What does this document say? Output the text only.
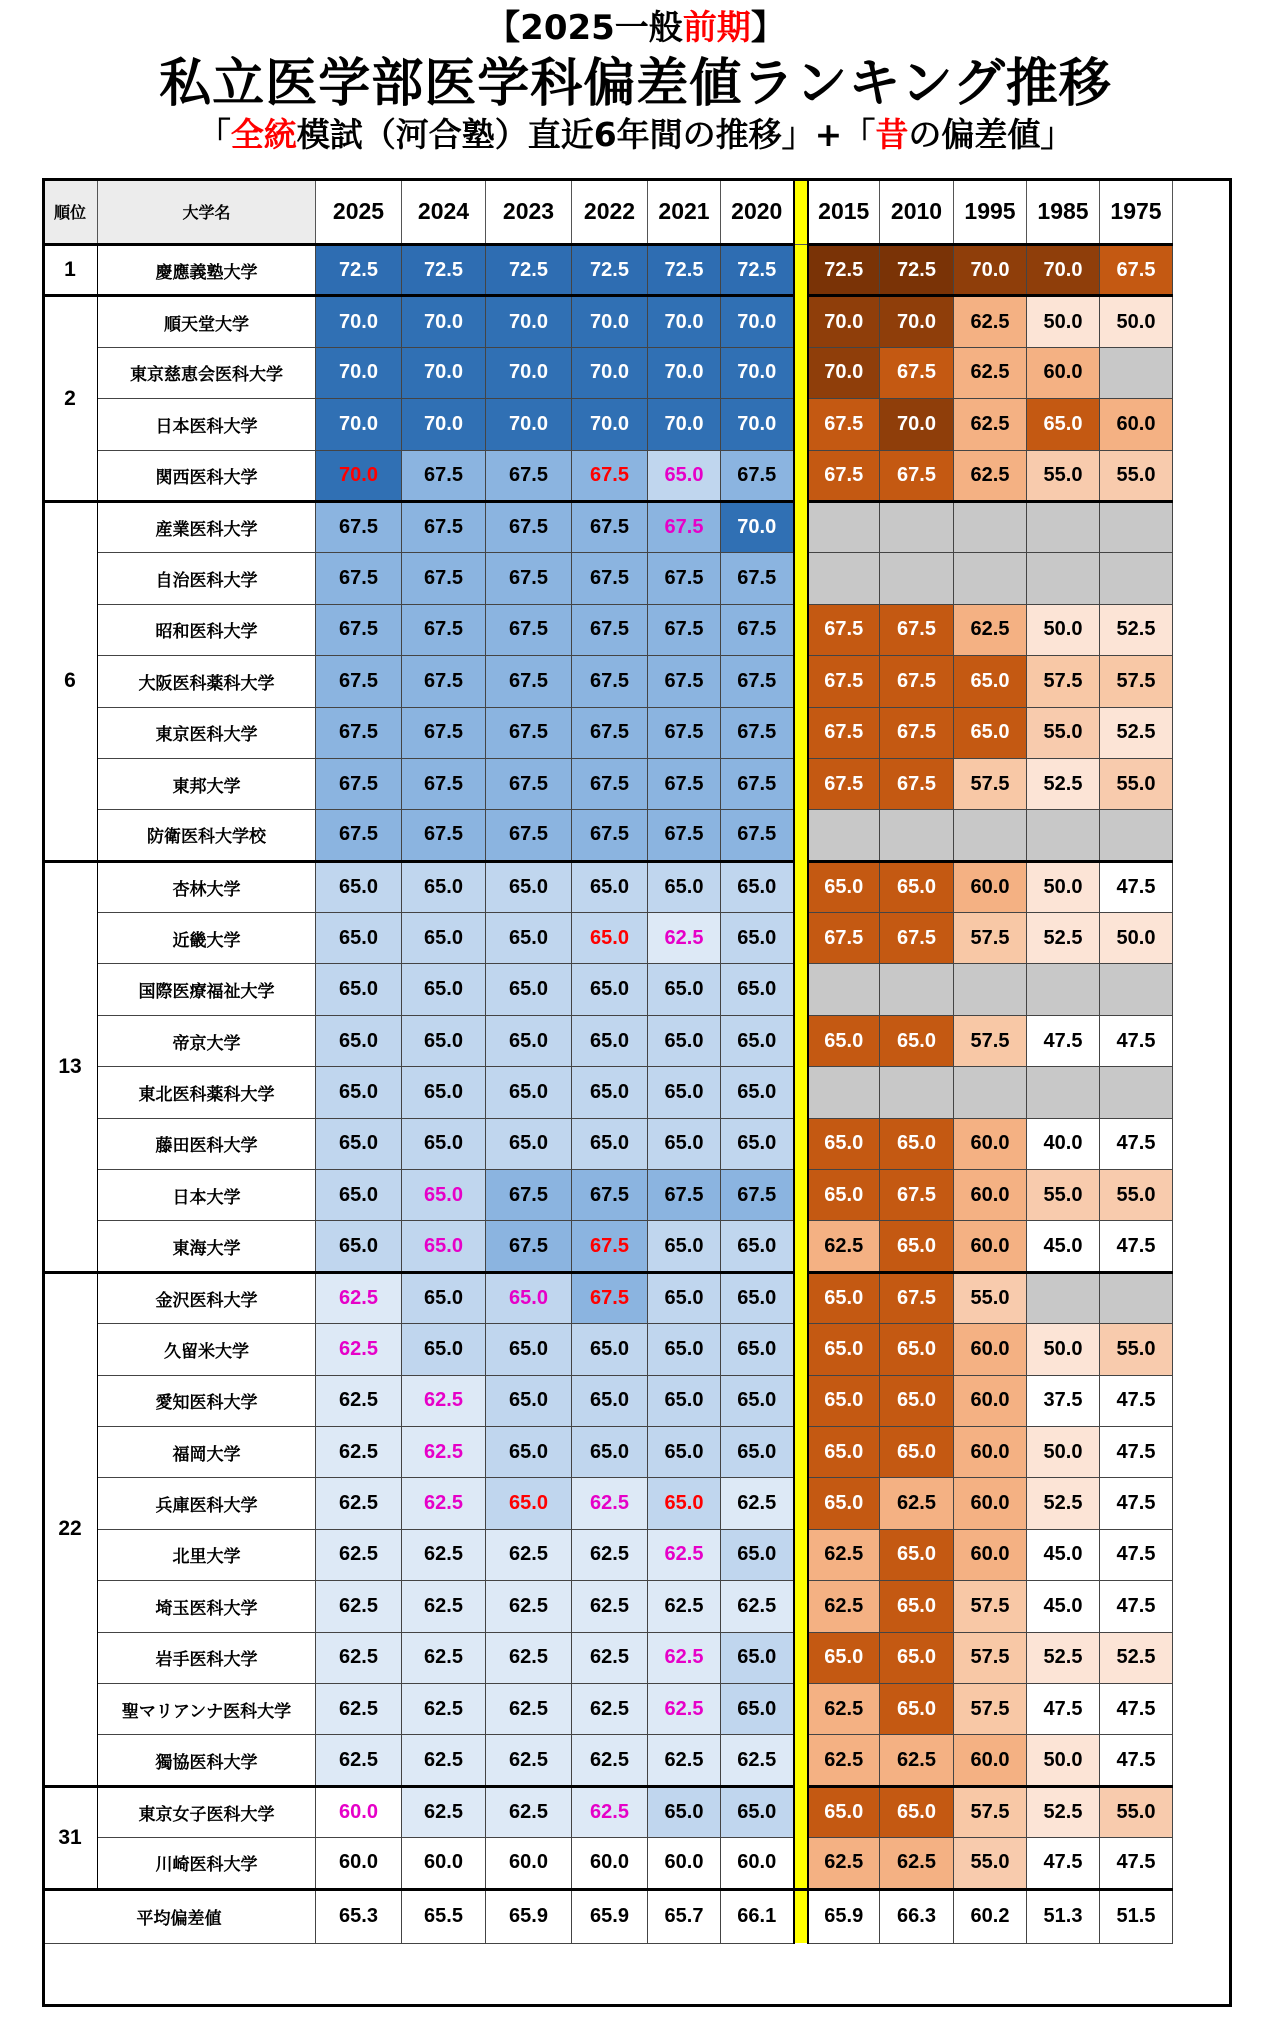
【2025一般前期】
私立医学部医学科偏差値ランキング推移
「全統模試（河合塾）直近6年間の推移」+「昔の偏差値」
順位	大学名	2025	2024	2023	2022	2021	2020		2015	2010	1995	1985	1975
1	慶應義塾大学	72.5	72.5	72.5	72.5	72.5	72.5		72.5	72.5	70.0	70.0	67.5
2	順天堂大学	70.0	70.0	70.0	70.0	70.0	70.0		70.0	70.0	62.5	50.0	50.0
	東京慈恵会医科大学	70.0	70.0	70.0	70.0	70.0	70.0		70.0	67.5	62.5	60.0	
	日本医科大学	70.0	70.0	70.0	70.0	70.0	70.0		67.5	70.0	62.5	65.0	60.0
	関西医科大学	70.0	67.5	67.5	67.5	65.0	67.5		67.5	67.5	62.5	55.0	55.0
6	産業医科大学	67.5	67.5	67.5	67.5	67.5	70.0						
	自治医科大学	67.5	67.5	67.5	67.5	67.5	67.5						
	昭和医科大学	67.5	67.5	67.5	67.5	67.5	67.5		67.5	67.5	62.5	50.0	52.5
	大阪医科薬科大学	67.5	67.5	67.5	67.5	67.5	67.5		67.5	67.5	65.0	57.5	57.5
	東京医科大学	67.5	67.5	67.5	67.5	67.5	67.5		67.5	67.5	65.0	55.0	52.5
	東邦大学	67.5	67.5	67.5	67.5	67.5	67.5		67.5	67.5	57.5	52.5	55.0
	防衛医科大学校	67.5	67.5	67.5	67.5	67.5	67.5						
13	杏林大学	65.0	65.0	65.0	65.0	65.0	65.0		65.0	65.0	60.0	50.0	47.5
	近畿大学	65.0	65.0	65.0	65.0	62.5	65.0		67.5	67.5	57.5	52.5	50.0
	国際医療福祉大学	65.0	65.0	65.0	65.0	65.0	65.0						
	帝京大学	65.0	65.0	65.0	65.0	65.0	65.0		65.0	65.0	57.5	47.5	47.5
	東北医科薬科大学	65.0	65.0	65.0	65.0	65.0	65.0						
	藤田医科大学	65.0	65.0	65.0	65.0	65.0	65.0		65.0	65.0	60.0	40.0	47.5
	日本大学	65.0	65.0	67.5	67.5	67.5	67.5		65.0	67.5	60.0	55.0	55.0
	東海大学	65.0	65.0	67.5	67.5	65.0	65.0		62.5	65.0	60.0	45.0	47.5
22	金沢医科大学	62.5	65.0	65.0	67.5	65.0	65.0		65.0	67.5	55.0		
	久留米大学	62.5	65.0	65.0	65.0	65.0	65.0		65.0	65.0	60.0	50.0	55.0
	愛知医科大学	62.5	62.5	65.0	65.0	65.0	65.0		65.0	65.0	60.0	37.5	47.5
	福岡大学	62.5	62.5	65.0	65.0	65.0	65.0		65.0	65.0	60.0	50.0	47.5
	兵庫医科大学	62.5	62.5	65.0	62.5	65.0	62.5		65.0	62.5	60.0	52.5	47.5
	北里大学	62.5	62.5	62.5	62.5	62.5	65.0		62.5	65.0	60.0	45.0	47.5
	埼玉医科大学	62.5	62.5	62.5	62.5	62.5	62.5		62.5	65.0	57.5	45.0	47.5
	岩手医科大学	62.5	62.5	62.5	62.5	62.5	65.0		65.0	65.0	57.5	52.5	52.5
	聖マリアンナ医科大学	62.5	62.5	62.5	62.5	62.5	65.0		62.5	65.0	57.5	47.5	47.5
	獨協医科大学	62.5	62.5	62.5	62.5	62.5	62.5		62.5	62.5	60.0	50.0	47.5
31	東京女子医科大学	60.0	62.5	62.5	62.5	65.0	65.0		65.0	65.0	57.5	52.5	55.0
	川崎医科大学	60.0	60.0	60.0	60.0	60.0	60.0		62.5	62.5	55.0	47.5	47.5
平均偏差値		65.3	65.5	65.9	65.9	65.7	66.1		65.9	66.3	60.2	51.3	51.5
